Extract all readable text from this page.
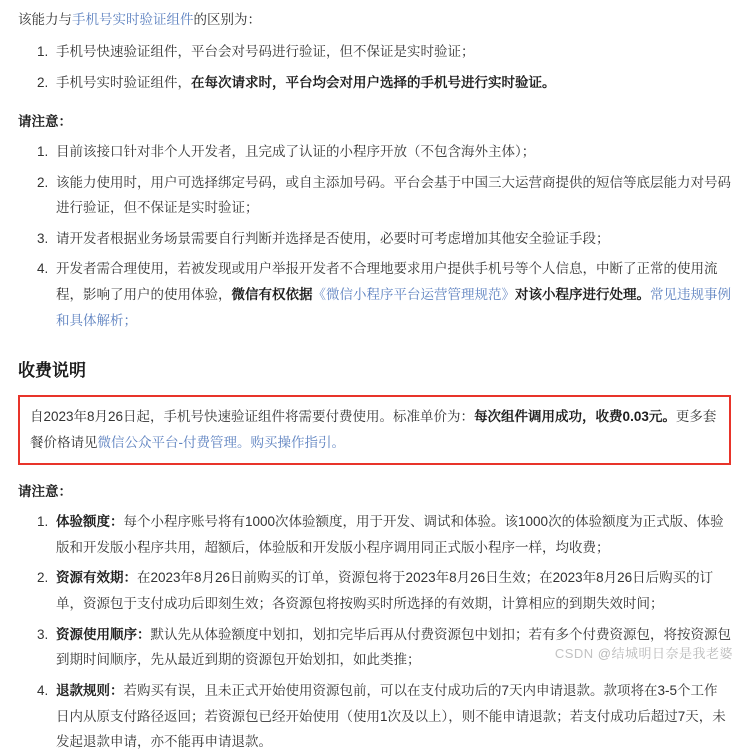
该能力与手机号实时验证组件的区别为：

1. 手机号快速验证组件，平台会对号码进行验证，但不保证是实时验证；
2. 手机号实时验证组件，在每次请求时，平台均会对用户选择的手机号进行实时验证。

请注意：

1. 目前该接口针对非个人开发者，且完成了认证的小程序开放（不包含海外主体）；
2. 该能力使用时，用户可选择绑定号码，或自主添加号码。平台会基于中国三大运营商提供的短信等底层能力对号码进行验证，但不保证是实时验证；
3. 请开发者根据业务场景需要自行判断并选择是否使用，必要时可考虑增加其他安全验证手段；
4. 开发者需合理使用，若被发现或用户举报开发者不合理地要求用户提供手机号等个人信息，中断了正常的使用流程，影响了用户的使用体验，微信有权依据《微信小程序平台运营管理规范》对该小程序进行处理。常见违规事例和具体解析；
收费说明
自2023年8月26日起，手机号快速验证组件将需要付费使用。标准单价为：每次组件调用成功，收费0.03元。更多套餐价格请见微信公众平台-付费管理。购买操作指引。

请注意：

1. 体验额度：每个小程序账号将有1000次体验额度，用于开发、调试和体验。该1000次的体验额度为正式版、体验版和开发版小程序共用，超额后，体验版和开发版小程序调用同正式版小程序一样，均收费；
2. 资源有效期：在2023年8月26日前购买的订单，资源包将于2023年8月26日生效；在2023年8月26日后购买的订单，资源包于支付成功后即刻生效；各资源包将按购买时所选择的有效期，计算相应的到期失效时间；
3. 资源使用顺序：默认先从体验额度中划扣，划扣完毕后再从付费资源包中划扣；若有多个付费资源包，将按资源包到期时间顺序，先从最近到期的资源包开始划扣，如此类推；
4. 退款规则：若购买有误，且未正式开始使用资源包前，可以在支付成功后的7天内申请退款。款项将在3-5个工作日内从原支付路径返回；若资源包已经开始使用（使用1次及以上），则不能申请退款；若支付成功后超过7天，未发起退款申请，亦不能再申请退款。
CSDN @结城明日奈是我老婆
